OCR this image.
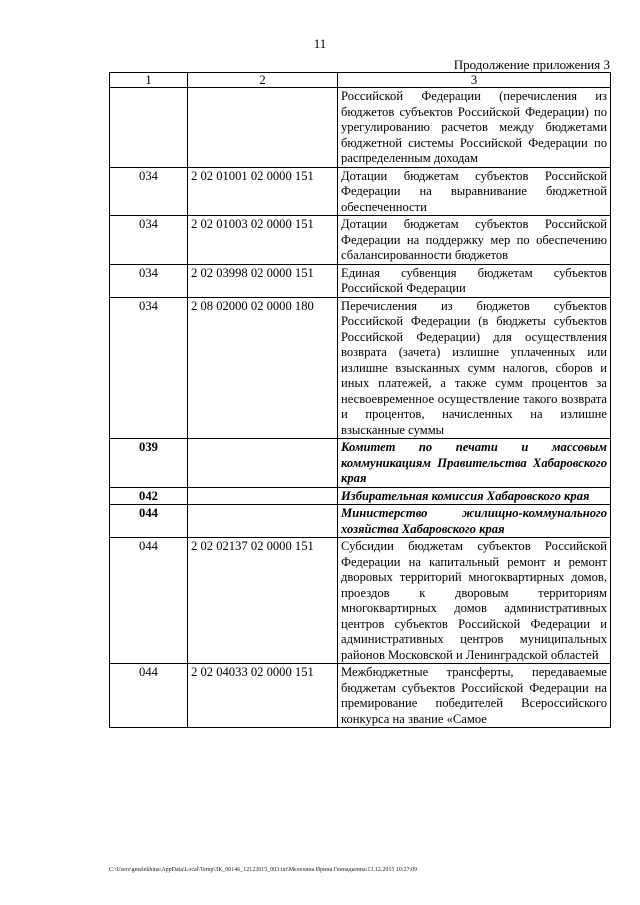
11
Продолжение приложения 3
1	2	3
		Российской Федерации (перечисления из бюджетов субъектов Российской Федерации) по урегулированию расчетов между бюджетами бюджетной системы Российской Федерации по распределенным доходам
034	2 02 01001 02 0000 151	Дотации бюджетам субъектов Российской Федерации на выравнивание бюджетной обеспеченности
034	2 02 01003 02 0000 151	Дотации бюджетам субъектов Российской Федерации на поддержку мер по обеспечению сбалансированности бюджетов
034	2 02 03998 02 0000 151	Единая субвенция бюджетам субъектов Российской Федерации
034	2 08 02000 02 0000 180	Перечисления из бюджетов субъектов Российской Федерации (в бюджеты субъектов Российской Федерации) для осуществления возврата (зачета) излишне уплаченных или излишне взысканных сумм налогов, сборов и иных платежей, а также сумм процентов за несвоевременное осуществление такого возврата и процентов, начисленных на излишне взысканные суммы
039		Комитет по печати и массовым коммуникациям Правительства Хабаровского края
042		Избирательная комиссия Хабаровского края
044		Министерство жилищно-коммунального хозяйства Хабаровского края
044	2 02 02137 02 0000 151	Субсидии бюджетам субъектов Российской Федерации на капитальный ремонт и ремонт дворовых территорий многоквартирных домов, проездов к дворовым территориям многоквартирных домов административных центров субъектов Российской Федерации и административных центров муниципальных районов Московской и Ленинградской областей
044	2 02 04033 02 0000 151	Межбюджетные трансферты, передаваемые бюджетам субъектов Российской Федерации на премирование победителей Всероссийского конкурса на звание «Самое
C:\Users\gmelekhina\AppData\Local\Temp\ЗК_00146_12122015_003.txt\Мелехина Ирина Геннадьевна\13.12.2015 10:27:09
